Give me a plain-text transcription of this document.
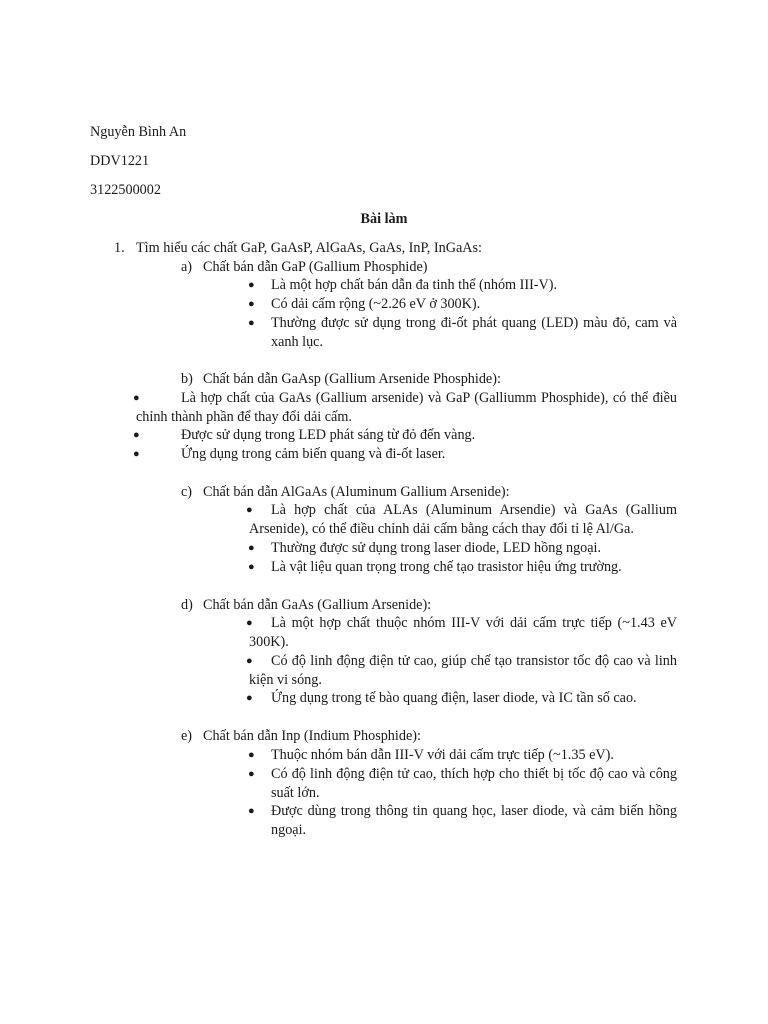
Nguyễn Bình An
DDV1221
3122500002
Bài làm
1. Tìm hiểu các chất GaP, GaAsP, AlGaAs, GaAs, InP, InGaAs:
a) Chất bán dẫn GaP (Gallium Phosphide)
● Là một hợp chất bán dẫn đa tinh thể (nhóm III-V).
● Có dải cấm rộng (~2.26 eV ở 300K).
● Thường được sử dụng trong đi-ốt phát quang (LED) màu đỏ, cam và xanh lục.
b) Chất bán dẫn GaAsp (Gallium Arsenide Phosphide):
●	Là hợp chất của GaAs (Gallium arsenide) và GaP (Galliumm Phosphide), có thể điều chỉnh thành phần để thay đổi dải cấm.
●	Được sử dụng trong LED phát sáng từ đỏ đến vàng.
●	Ứng dụng trong cảm biến quang và đi-ốt laser.
c) Chất bán dẫn AlGaAs (Aluminum Gallium Arsenide):
●	Là hợp chất của ALAs (Aluminum Arsendie) và GaAs (Gallium Arsenide), có thể điều chỉnh dải cấm bằng cách thay đổi tỉ lệ Al/Ga.
● Thường được sử dụng trong laser diode, LED hồng ngoại.
● Là vật liệu quan trọng trong chế tạo trasistor hiệu ứng trường.
d) Chất bán dẫn GaAs (Gallium Arsenide):
●	Là một hợp chất thuộc nhóm III-V với dải cấm trực tiếp (~1.43 eV 300K).
●	Có độ linh động điện tử cao, giúp chế tạo transistor tốc độ cao và linh kiện vi sóng.
● Ứng dụng trong tế bào quang điện, laser diode, và IC tần số cao.
e) Chất bán dẫn Inp (Indium Phosphide):
● Thuộc nhóm bán dẫn III-V với dải cấm trực tiếp (~1.35 eV).
● Có độ linh động điện tử cao, thích hợp cho thiết bị tốc độ cao và công suất lớn.
● Được dùng trong thông tin quang học, laser diode, và cảm biến hồng ngoại.
